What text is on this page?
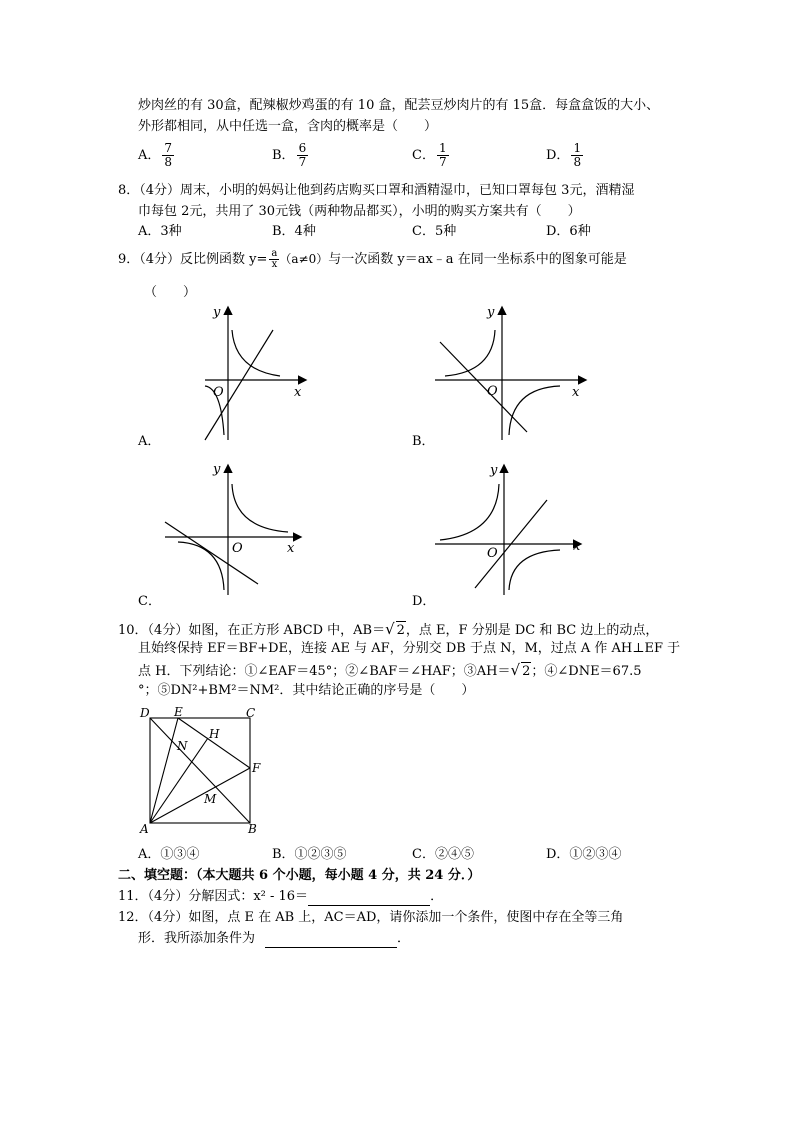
炒肉丝的有 30盒，配辣椒炒鸡蛋的有 10 盒，配芸豆炒肉片的有 15盒．每盒盒饭的大小、
外形都相同，从中任选一盒，含肉的概率是（　　）
A． $\frac{7}{8}$	B． $\frac{6}{7}$	C． $\frac{1}{7}$	D． $\frac{1}{8}$
8．（4分）周末，小明的妈妈让他到药店购买口罩和酒精湿巾，已知口罩每包 3元，酒精湿
巾每包 2元，共用了 30元钱（两种物品都买），小明的购买方案共有（　　）
A．3种	B．4种	C．5种	D．6种
9．（4分）反比例函数 $y= \frac{a}{x} (a\ne 0)$与一次函数 y＝ax﹣a 在同一坐标系中的图象可能是
（　　）
y
x
O
A．
y
x
O
B．
y
x
O
C．
y
x
O
D．
10．（4分）如图，在正方形 ABCD 中，AB＝√ 2，点 E，F 分别是 DC 和 BC 边上的动点，
且始终保持 EF＝BF+DE，连接 AE 与 AF，分别交 DB 于点 N，M，过点 A 作 AH⊥EF 于
点 H．下列结论：①∠EAF＝45°；②∠BAF＝∠HAF；③AH＝√ 2；④∠DNE＝67.5
°；⑤DN²+BM²＝NM²．其中结论正确的序号是（　　）
D E	C
H
N
F
M
A	B
A．①③④	B．①②③⑤	C．②④⑤	D．①②③④
二、填空题：（本大题共 6 个小题，每小题 4 分，共 24 分．）
11．（4分）分解因式：x² - 16＝	．
12．（4分）如图，点 E 在 AB 上，AC＝AD，请你添加一个条件，使图中存在全等三角
形．我所添加条件为	．
